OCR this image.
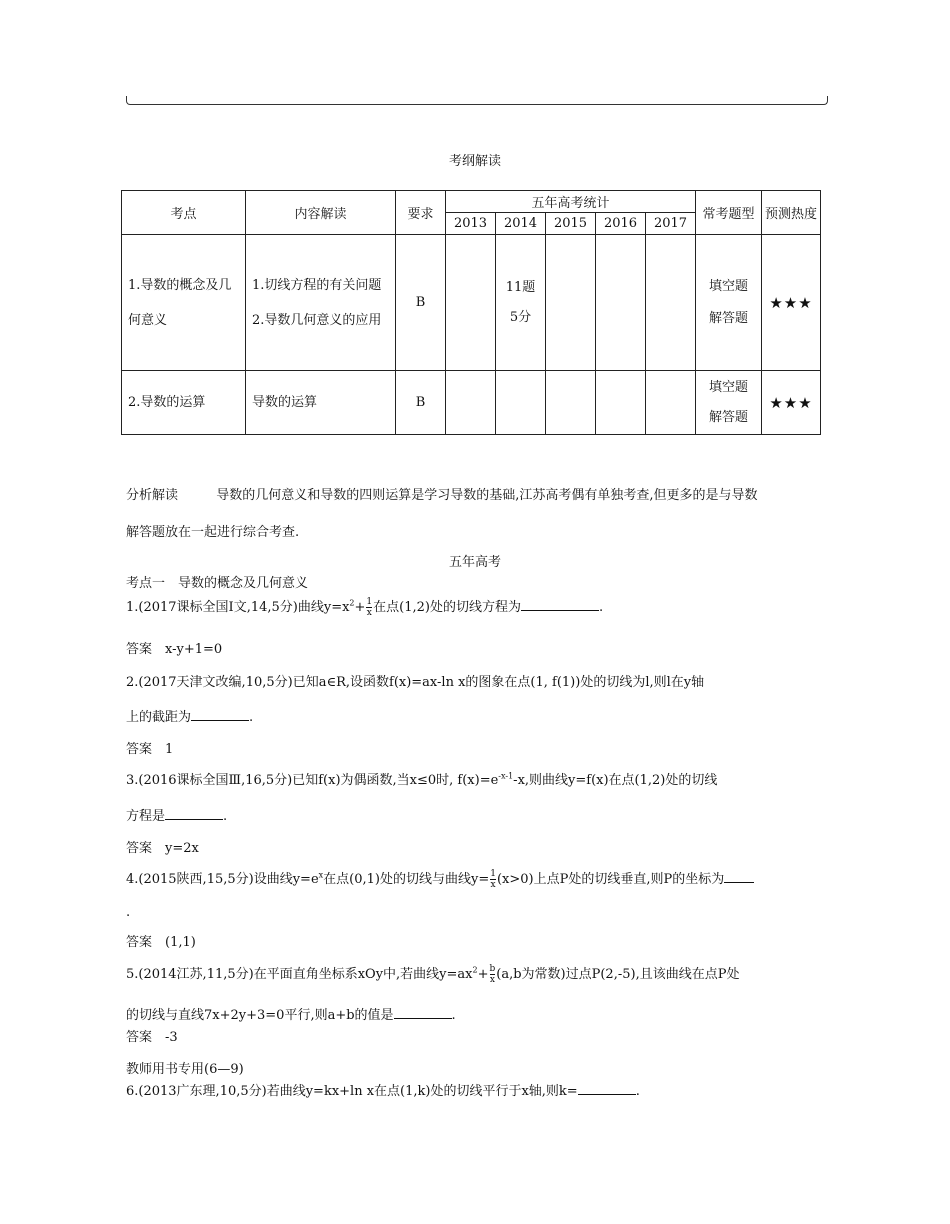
考纲解读
考点	内容解读	要求	五年高考统计					常考题型	预测热度
			2013	2014	2015	2016	2017		

1.导数的概念及几何意义	1.切线方程的有关问题 2.导数几何意义的应用	B		11题 5分				填空题 解答题	★★★
2.导数的运算	导数的运算	B						填空题 解答题	★★★
分析解读	导数的几何意义和导数的四则运算是学习导数的基础,江苏高考偶有单独考查,但更多的是与导数
解答题放在一起进行综合考查.
五年高考
考点一　导数的概念及几何意义
1.(2017课标全国Ⅰ文,14,5分)曲线$y=x^2+ \frac{1}{x}$ 在点(1,2)处的切线方程为	.
答案　x-y+1=0
2.(2017天津文改编,10,5分)已知a∈R,设函数f(x)=ax-ln x的图象在点(1, f(1))处的切线为l,则l在y轴
上的截距为	.
答案　1
3.(2016课标全国Ⅲ,16,5分)已知f(x)为偶函数,当x≤0时, $f(x)=e^{-x-1}-x$,则曲线y=f(x)在点(1,2)处的切线
方程是	.
答案　y=2x
4.(2015陕西,15,5分)设曲线$y=e^x$在点(0,1)处的切线与曲线$y= \frac{1}{x} (x>0)$上点P处的切线垂直,则P的坐标为
.
答案　(1,1)
5.(2014江苏,11,5分)在平面直角坐标系xOy中,若曲线$y=ax^2+ \frac{b}{x} (a,b$为常数)过点P(2,-5),且该曲线在点P处
的切线与直线7x+2y+3=0平行,则a+b的值是	.
答案　-3
教师用书专用(6—9)
6.(2013广东理,10,5分)若曲线y=kx+ln x在点(1,k)处的切线平行于x轴,则k=	.
